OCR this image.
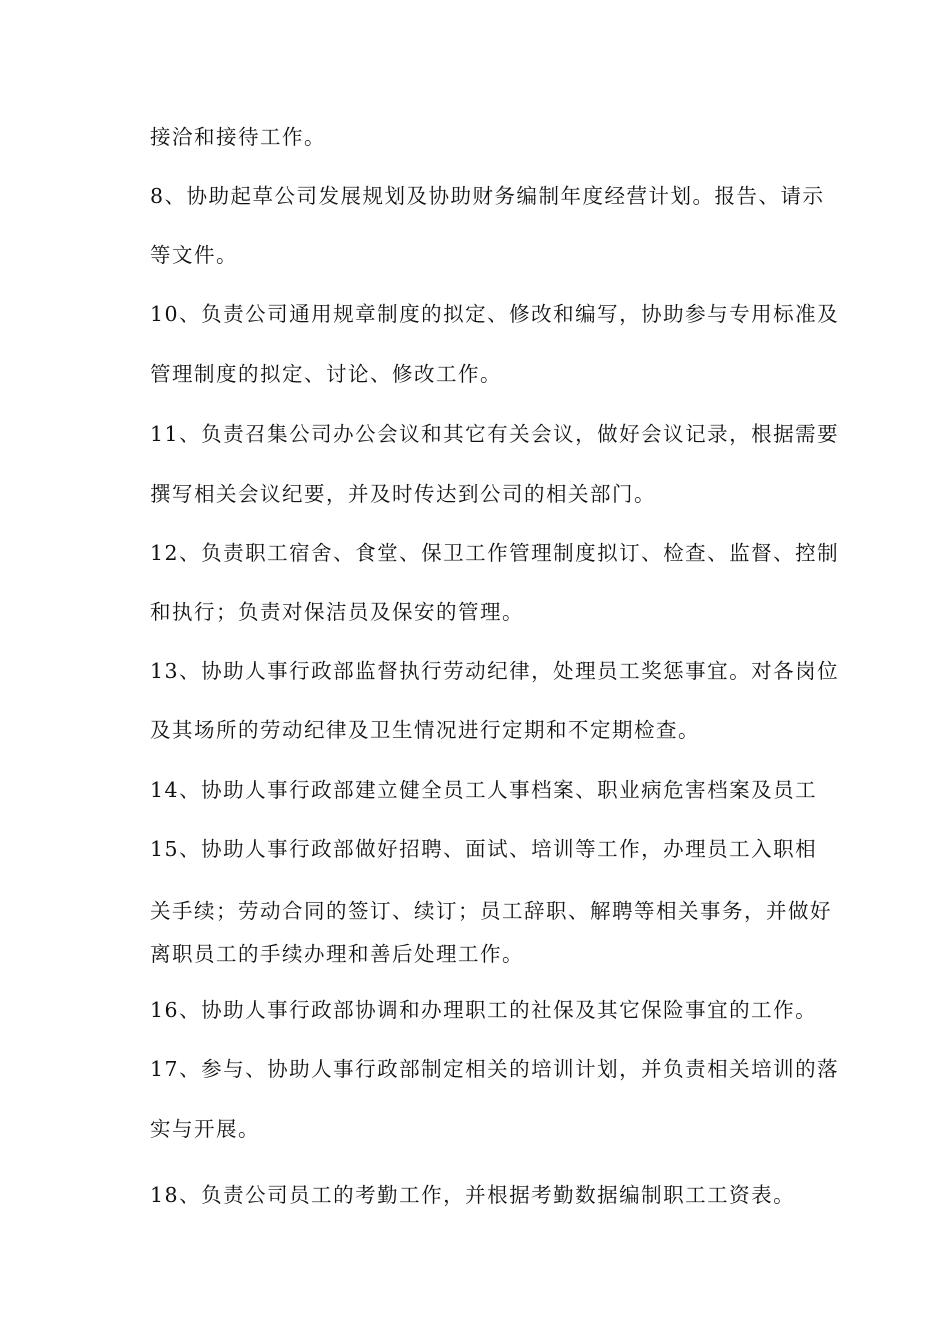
接洽和接待工作。
8、协助起草公司发展规划及协助财务编制年度经营计划。报告、请示
等文件。
10、负责公司通用规章制度的拟定、修改和编写，协助参与专用标准及
管理制度的拟定、讨论、修改工作。
11、负责召集公司办公会议和其它有关会议，做好会议记录，根据需要
撰写相关会议纪要，并及时传达到公司的相关部门。
12、负责职工宿舍、食堂、保卫工作管理制度拟订、检查、监督、控制
和执行；负责对保洁员及保安的管理。
13、协助人事行政部监督执行劳动纪律，处理员工奖惩事宜。对各岗位
及其场所的劳动纪律及卫生情况进行定期和不定期检查。
14、协助人事行政部建立健全员工人事档案、职业病危害档案及员工
15、协助人事行政部做好招聘、面试、培训等工作，办理员工入职相
关手续；劳动合同的签订、续订；员工辞职、解聘等相关事务，并做好
离职员工的手续办理和善后处理工作。
16、协助人事行政部协调和办理职工的社保及其它保险事宜的工作。
17、参与、协助人事行政部制定相关的培训计划，并负责相关培训的落
实与开展。
18、负责公司员工的考勤工作，并根据考勤数据编制职工工资表。
